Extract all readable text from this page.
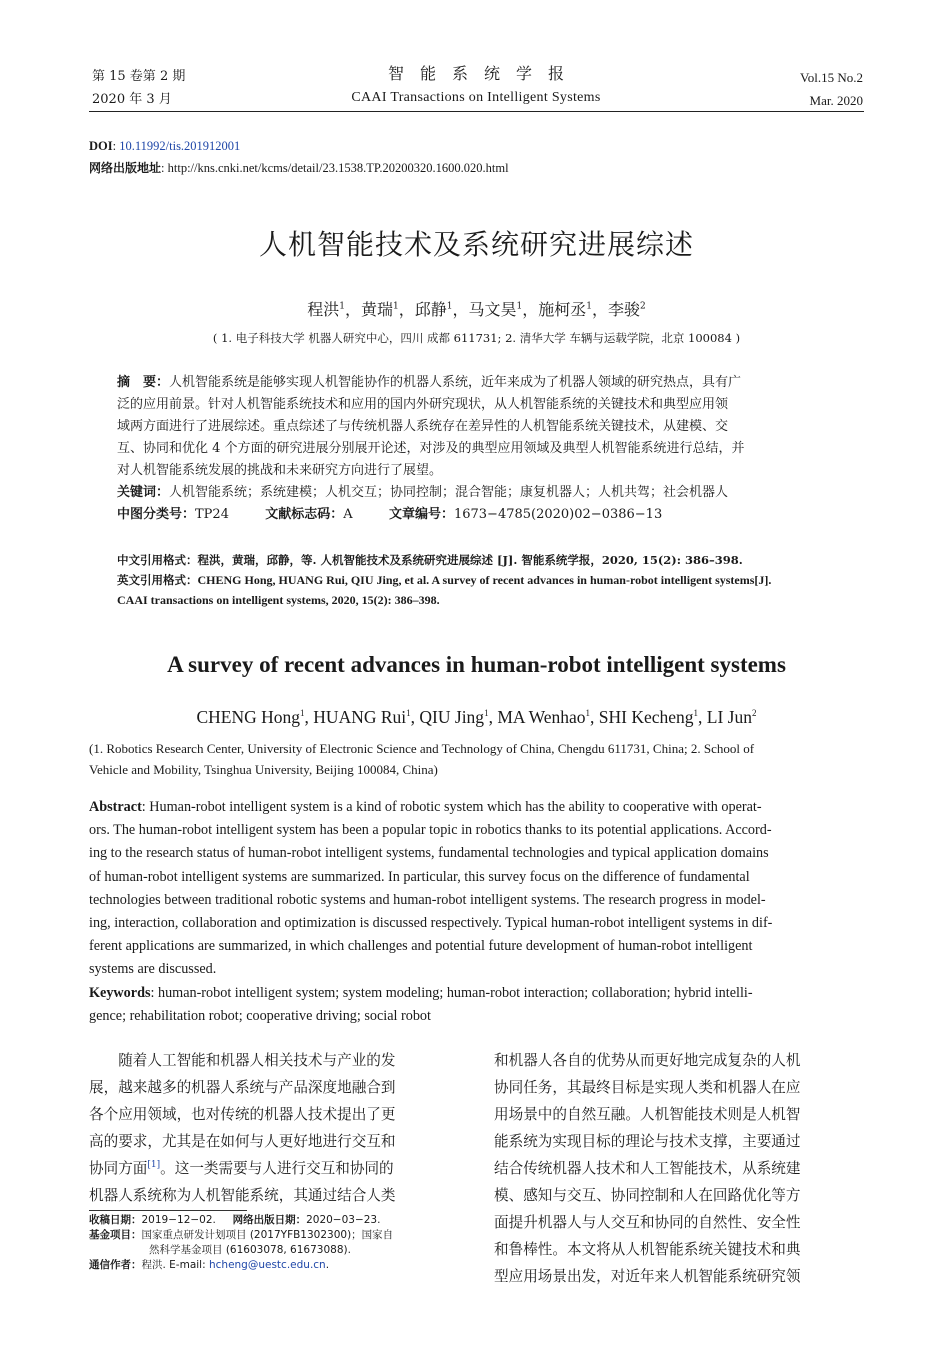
第 15 卷第 2 期
2020 年 3 月
智　能　系　统　学　报
CAAI Transactions on Intelligent Systems
Vol.15 No.2
Mar. 2020
DOI: 10.11992/tis.201912001
网络出版地址: http://kns.cnki.net/kcms/detail/23.1538.TP.20200320.1600.020.html
人机智能技术及系统研究进展综述
程洪$^1$，黄瑞$^1$，邱静$^1$，马文昊$^1$，施柯丞$^1$，李骏$^2$
( 1. 电子科技大学 机器人研究中心，四川 成都 611731; 2. 清华大学 车辆与运载学院，北京 100084 )
摘　要：人机智能系统是能够实现人机智能协作的机器人系统，近年来成为了机器人领域的研究热点，具有广
泛的应用前景。针对人机智能系统技术和应用的国内外研究现状，从人机智能系统的关键技术和典型应用领
域两方面进行了进展综述。重点综述了与传统机器人系统存在差异性的人机智能系统关键技术，从建模、交
互、协同和优化 4 个方面的研究进展分别展开论述，对涉及的典型应用领域及典型人机智能系统进行总结，并
对人机智能系统发展的挑战和未来研究方向进行了展望。
关键词：人机智能系统；系统建模；人机交互；协同控制；混合智能；康复机器人；人机共驾；社会机器人
中图分类号：TP24	文献标志码：A	文章编号：1673−4785(2020)02−0386−13
中文引用格式：程洪，黄瑞，邱静，等. 人机智能技术及系统研究进展综述 [J]. 智能系统学报，2020, 15(2): 386–398.
英文引用格式：CHENG Hong, HUANG Rui, QIU Jing, et al. A survey of recent advances in human-robot intelligent systems[J].
CAAI transactions on intelligent systems, 2020, 15(2): 386–398.
A survey of recent advances in human-robot intelligent systems
CHENG Hong$^1$, HUANG Rui$^1$, QIU Jing$^1$, MA Wenhao$^1$, SHI Kecheng$^1$, LI Jun$^2$
(1. Robotics Research Center, University of Electronic Science and Technology of China, Chengdu 611731, China; 2. School of
Vehicle and Mobility, Tsinghua University, Beijing 100084, China)
Abstract: Human-robot intelligent system is a kind of robotic system which has the ability to cooperative with operat-
ors. The human-robot intelligent system has been a popular topic in robotics thanks to its potential applications. Accord-
ing to the research status of human-robot intelligent systems, fundamental technologies and typical application domains
of human-robot intelligent systems are summarized. In particular, this survey focus on the difference of fundamental
technologies between traditional robotic systems and human-robot intelligent systems. The research progress in model-
ing, interaction, collaboration and optimization is discussed respectively. Typical human-robot intelligent systems in dif-
ferent applications are summarized, in which challenges and potential future development of human-robot intelligent
systems are discussed.
Keywords: human-robot intelligent system; system modeling; human-robot interaction; collaboration; hybrid intelli-
gence; rehabilitation robot; cooperative driving; social robot
　　随着人工智能和机器人相关技术与产业的发
展，越来越多的机器人系统与产品深度地融合到
各个应用领域，也对传统的机器人技术提出了更
高的要求，尤其是在如何与人更好地进行交互和
协同方面[1]。这一类需要与人进行交互和协同的
机器人系统称为人机智能系统，其通过结合人类
收稿日期：2019−12−02. 网络出版日期：2020−03−23.
基金项目：国家重点研发计划项目 (2017YFB1302300)；国家自
然科学基金项目 (61603078, 61673088).
通信作者：程洪. E-mail: hcheng@uestc.edu.cn.
和机器人各自的优势从而更好地完成复杂的人机
协同任务，其最终目标是实现人类和机器人在应
用场景中的自然互融。人机智能技术则是人机智
能系统为实现目标的理论与技术支撑，主要通过
结合传统机器人技术和人工智能技术，从系统建
模、感知与交互、协同控制和人在回路优化等方
面提升机器人与人交互和协同的自然性、安全性
和鲁棒性。本文将从人机智能系统关键技术和典
型应用场景出发，对近年来人机智能系统研究领
